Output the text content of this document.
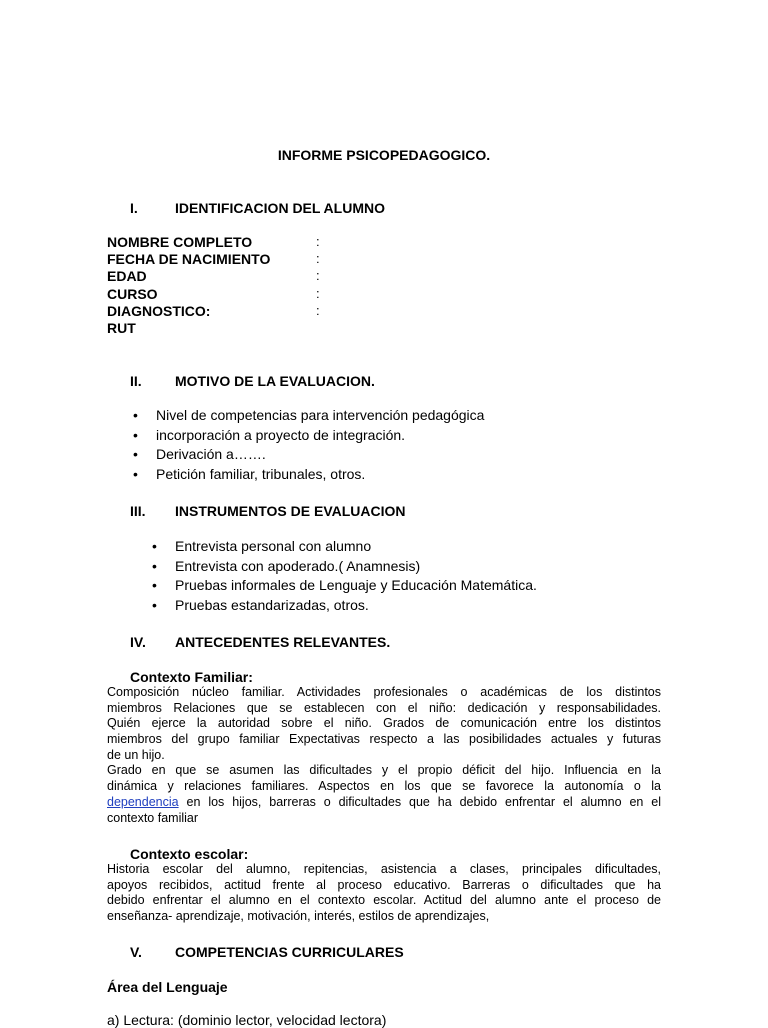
INFORME PSICOPEDAGOGICO.
I.	IDENTIFICACION DEL ALUMNO
NOMBRE COMPLETO	:
FECHA DE NACIMIENTO	:
EDAD	:
CURSO	:
DIAGNOSTICO:	:
RUT
II. MOTIVO DE LA EVALUACION.
• Nivel de competencias para intervención pedagógica
• incorporación a proyecto de integración.
• Derivación a…….
• Petición familiar, tribunales, otros.
III. INSTRUMENTOS DE EVALUACION
• Entrevista personal con alumno
• Entrevista con apoderado.( Anamnesis)
• Pruebas informales de Lenguaje y Educación Matemática.
• Pruebas estandarizadas, otros.
IV. ANTECEDENTES RELEVANTES.
Contexto Familiar:
Composición núcleo familiar. Actividades profesionales o académicas de los distintos
miembros Relaciones que se establecen con el niño: dedicación y responsabilidades.
Quién ejerce la autoridad sobre el niño. Grados de comunicación entre los distintos
miembros del grupo familiar Expectativas respecto a las posibilidades actuales y futuras
de un hijo.
Grado en que se asumen las dificultades y el propio déficit del hijo. Influencia en la
dinámica y relaciones familiares. Aspectos en los que se favorece la autonomía o la
dependencia en los hijos, barreras o dificultades que ha debido enfrentar el alumno en el
contexto familiar
Contexto escolar:
Historia escolar del alumno, repitencias, asistencia a clases, principales dificultades,
apoyos recibidos, actitud frente al proceso educativo. Barreras o dificultades que ha
debido enfrentar el alumno en el contexto escolar. Actitud del alumno ante el proceso de
enseñanza- aprendizaje, motivación, interés, estilos de aprendizajes,
V. COMPETENCIAS CURRICULARES
Área del Lenguaje
a) Lectura: (dominio lector, velocidad lectora)
